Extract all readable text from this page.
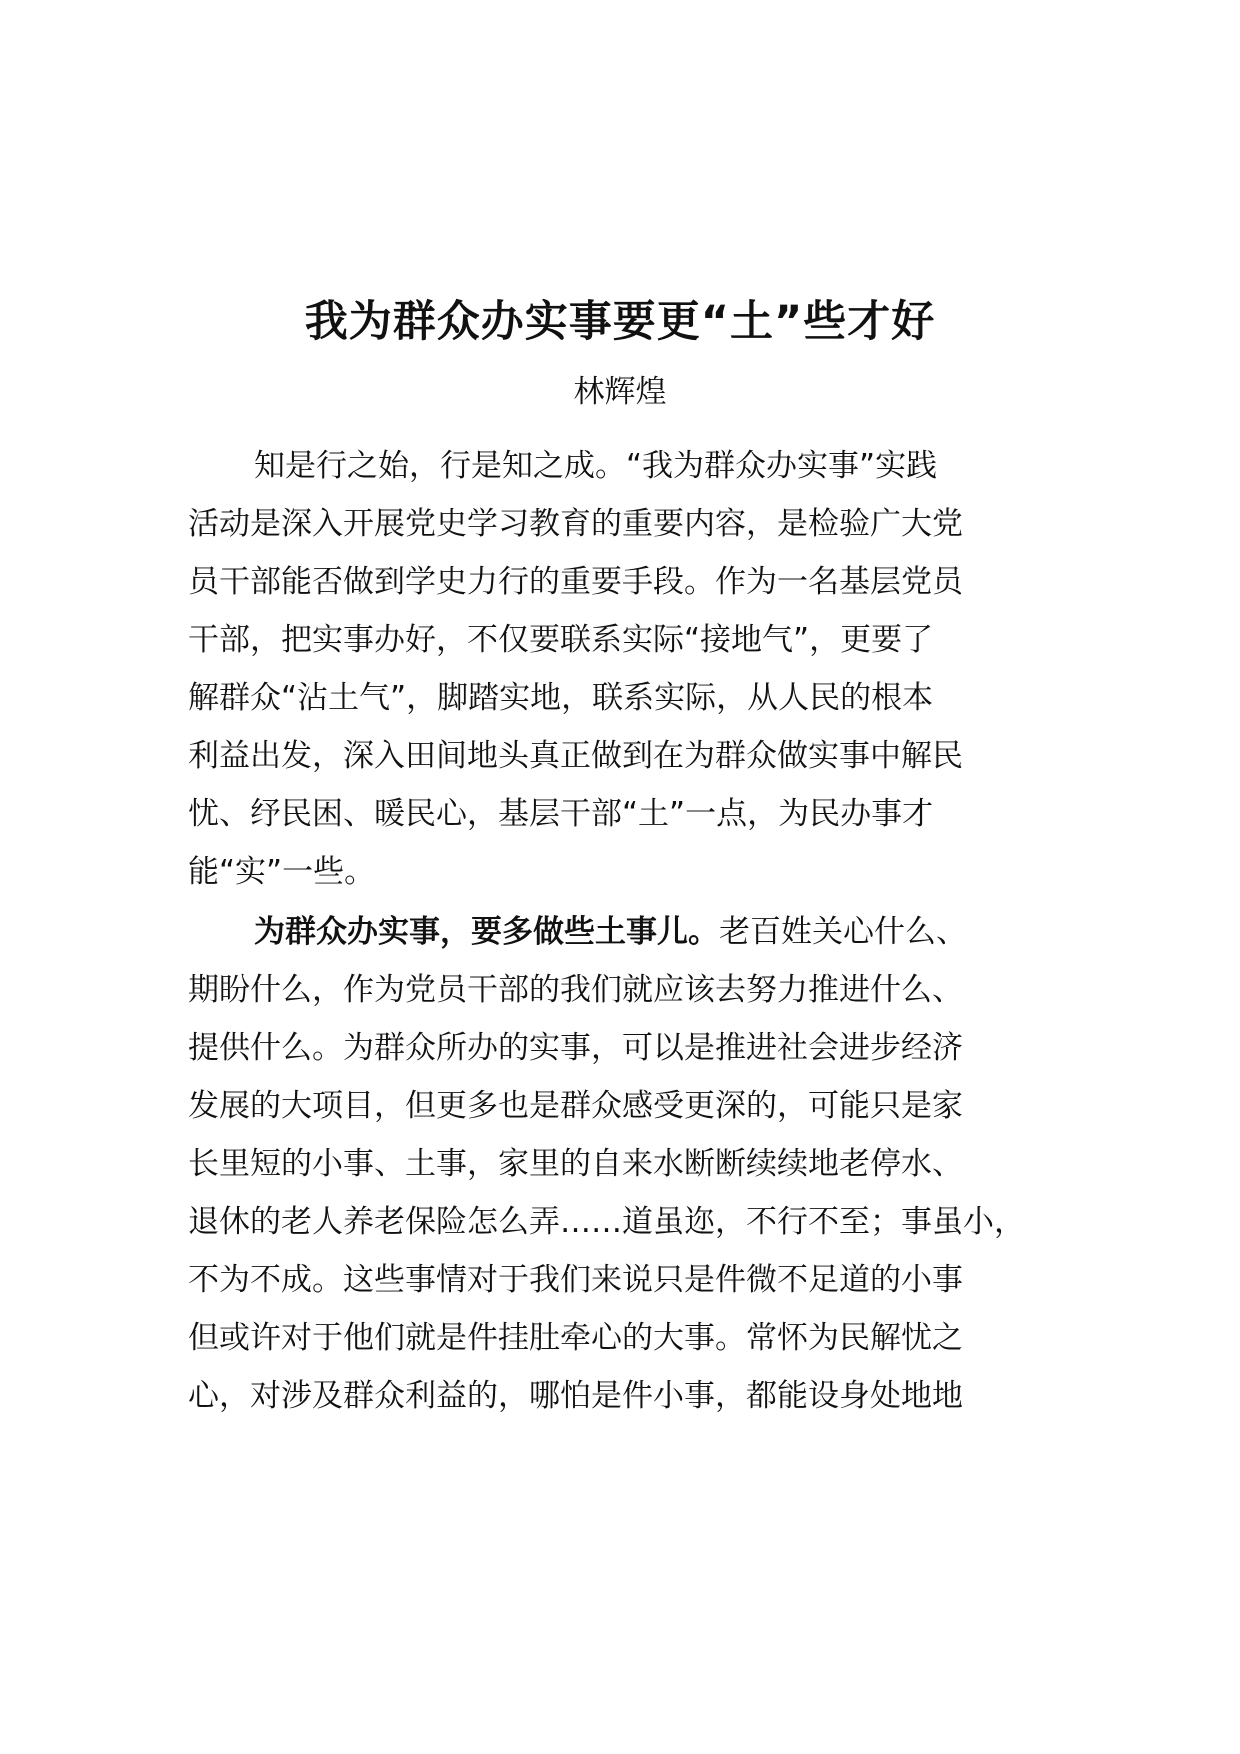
我为群众办实事要更“土”些才好

林辉煌

知是行之始，行是知之成。“我为群众办实事”实践

活动是深入开展党史学习教育的重要内容，是检验广大党

员干部能否做到学史力行的重要手段。作为一名基层党员

干部，把实事办好，不仅要联系实际“接地气”，更要了

解群众“沾土气”，脚踏实地，联系实际，从人民的根本

利益出发，深入田间地头真正做到在为群众做实事中解民

忧、纾民困、暖民心，基层干部“土”一点，为民办事才

能“实”一些。

为群众办实事，要多做些土事儿。老百姓关心什么、

期盼什么，作为党员干部的我们就应该去努力推进什么、

提供什么。为群众所办的实事，可以是推进社会进步经济

发展的大项目，但更多也是群众感受更深的，可能只是家

长里短的小事、土事，家里的自来水断断续续地老停水、

退休的老人养老保险怎么弄……道虽迩，不行不至；事虽小，

不为不成。这些事情对于我们来说只是件微不足道的小事

但或许对于他们就是件挂肚牵心的大事。常怀为民解忧之

心，对涉及群众利益的，哪怕是件小事，都能设身处地地
